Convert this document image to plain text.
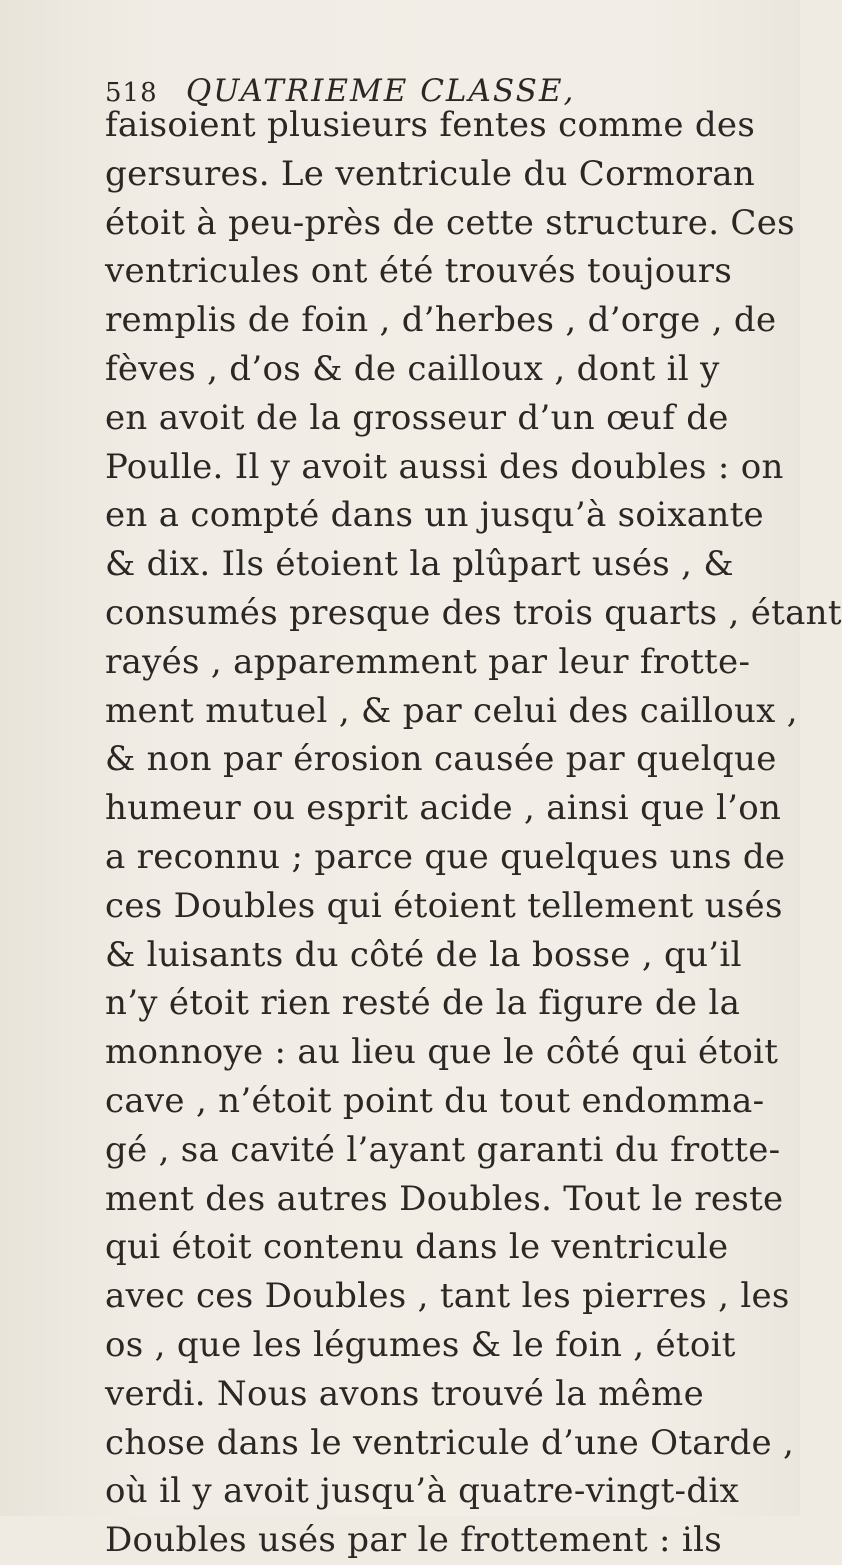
518 QUATRIEME CLASSE,
faisoient plusieurs fentes comme des
gersures. Le ventricule du Cormoran
étoit à peu-près de cette structure. Ces
ventricules ont été trouvés toujours
remplis de foin , d’herbes , d’orge , de
fèves , d’os & de cailloux , dont il y
en avoit de la grosseur d’un œuf de
Poulle. Il y avoit aussi des doubles : on
en a compté dans un jusqu’à soixante
& dix. Ils étoient la plûpart usés , &
consumés presque des trois quarts , étant
rayés , apparemment par leur frotte-
ment mutuel , & par celui des cailloux ,
& non par érosion causée par quelque
humeur ou esprit acide , ainsi que l’on
a reconnu ; parce que quelques uns de
ces Doubles qui étoient tellement usés
& luisants du côté de la bosse , qu’il
n’y étoit rien resté de la figure de la
monnoye : au lieu que le côté qui étoit
cave , n’étoit point du tout endomma-
gé , sa cavité l’ayant garanti du frotte-
ment des autres Doubles. Tout le reste
qui étoit contenu dans le ventricule
avec ces Doubles , tant les pierres , les
os , que les légumes & le foin , étoit
verdi. Nous avons trouvé la même
chose dans le ventricule d’une Otarde ,
où il y avoit jusqu’à quatre-vingt-dix
Doubles usés par le frottement : ils
